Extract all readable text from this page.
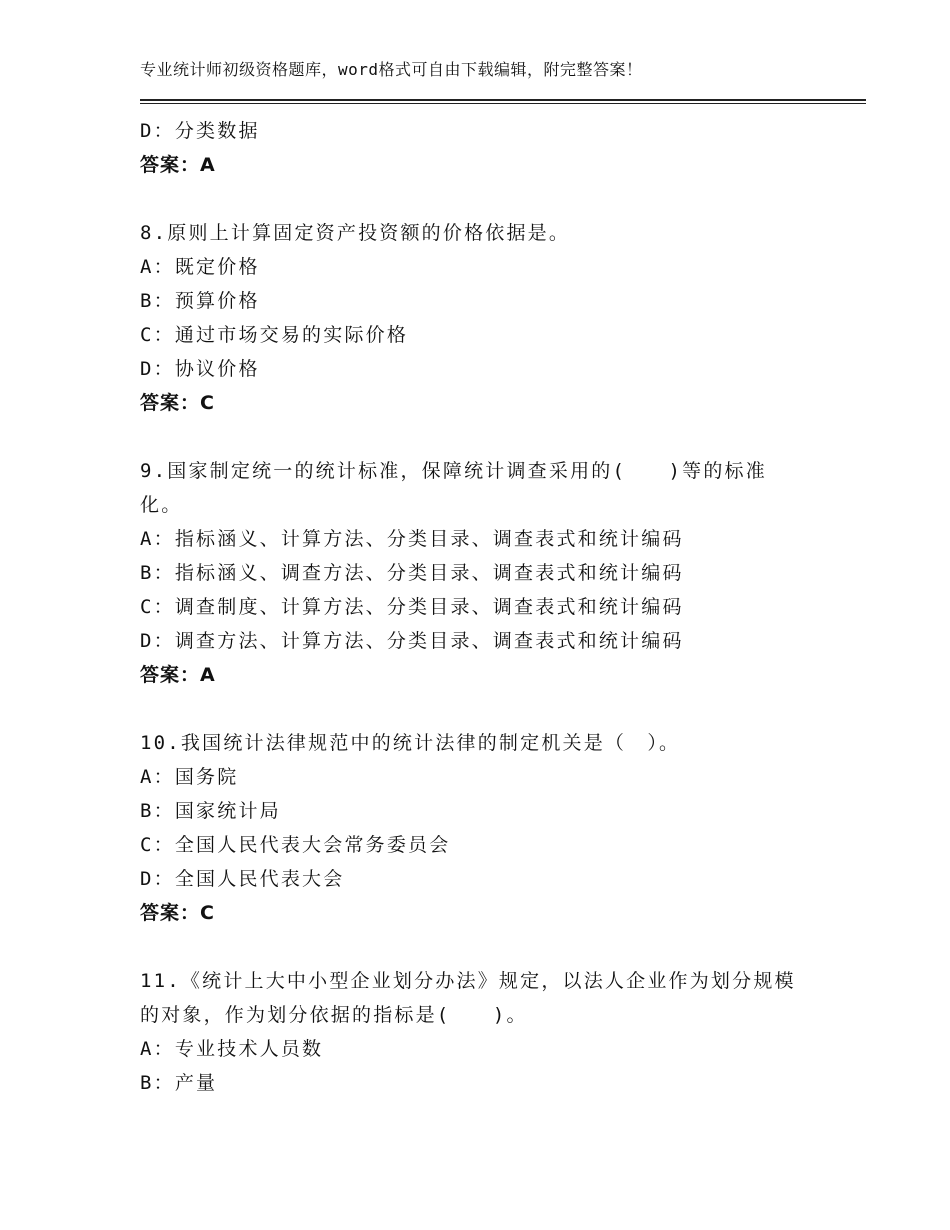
专业统计师初级资格题库，word格式可自由下载编辑，附完整答案！
D：分类数据
答案：A
8.原则上计算固定资产投资额的价格依据是。
A：既定价格
B：预算价格
C：通过市场交易的实际价格
D：协议价格
答案：C
9.国家制定统一的统计标准，保障统计调查采用的(　　)等的标准
化。
A：指标涵义、计算方法、分类目录、调查表式和统计编码
B：指标涵义、调查方法、分类目录、调查表式和统计编码
C：调查制度、计算方法、分类目录、调查表式和统计编码
D：调查方法、计算方法、分类目录、调查表式和统计编码
答案：A
10.我国统计法律规范中的统计法律的制定机关是（　）。
A：国务院
B：国家统计局
C：全国人民代表大会常务委员会
D：全国人民代表大会
答案：C
11.《统计上大中小型企业划分办法》规定，以法人企业作为划分规模
的对象，作为划分依据的指标是(　　)。
A：专业技术人员数
B：产量
